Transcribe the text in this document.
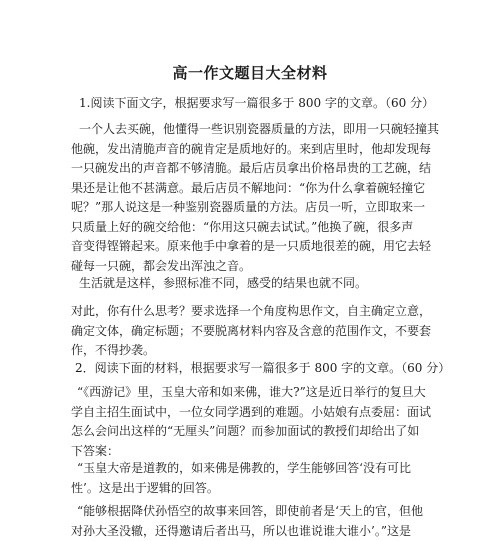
高一作文题目大全材料
1.阅读下面文字，根据要求写一篇很多于 800 字的文章。（60 分）
一个人去买碗，他懂得一些识别瓷器质量的方法，即用一只碗轻撞其
他碗，发出清脆声音的碗肯定是质地好的。来到店里时，他却发现每
一只碗发出的声音都不够清脆。最后店员拿出价格昂贵的工艺碗，结
果还是让他不甚满意。最后店员不解地问：“你为什么拿着碗轻撞它
呢？”那人说这是一种鉴别瓷器质量的方法。店员一听，立即取来一
只质量上好的碗交给他：“你用这只碗去试试。”他换了碗，很多声
音变得铿锵起来。原来他手中拿着的是一只质地很差的碗，用它去轻
碰每一只碗，都会发出浑浊之音。
生活就是这样，参照标准不同，感受的结果也就不同。
对此，你有什么思考？要求选择一个角度构思作文，自主确定立意，
确定文体，确定标题；不要脱离材料内容及含意的范围作文，不要套
作，不得抄袭。
2．阅读下面的材料，根据要求写一篇很多于 800 字的文章。（60 分）
“《西游记》里，玉皇大帝和如来佛，谁大?”这是近日举行的复旦大
学自主招生面试中，一位女同学遇到的难题。小姑娘有点委屈：面试
怎么会问出这样的“无厘头”问题？而参加面试的教授们却给出了如
下答案：
“玉皇大帝是道教的，如来佛是佛教的，学生能够回答‘没有可比
性’。这是出于逻辑的回答。
“能够根据降伏孙悟空的故事来回答，即使前者是‘天上的官，但他
对孙大圣没辙，还得邀请后者出马，所以也谁说谁大谁小’。”这是
